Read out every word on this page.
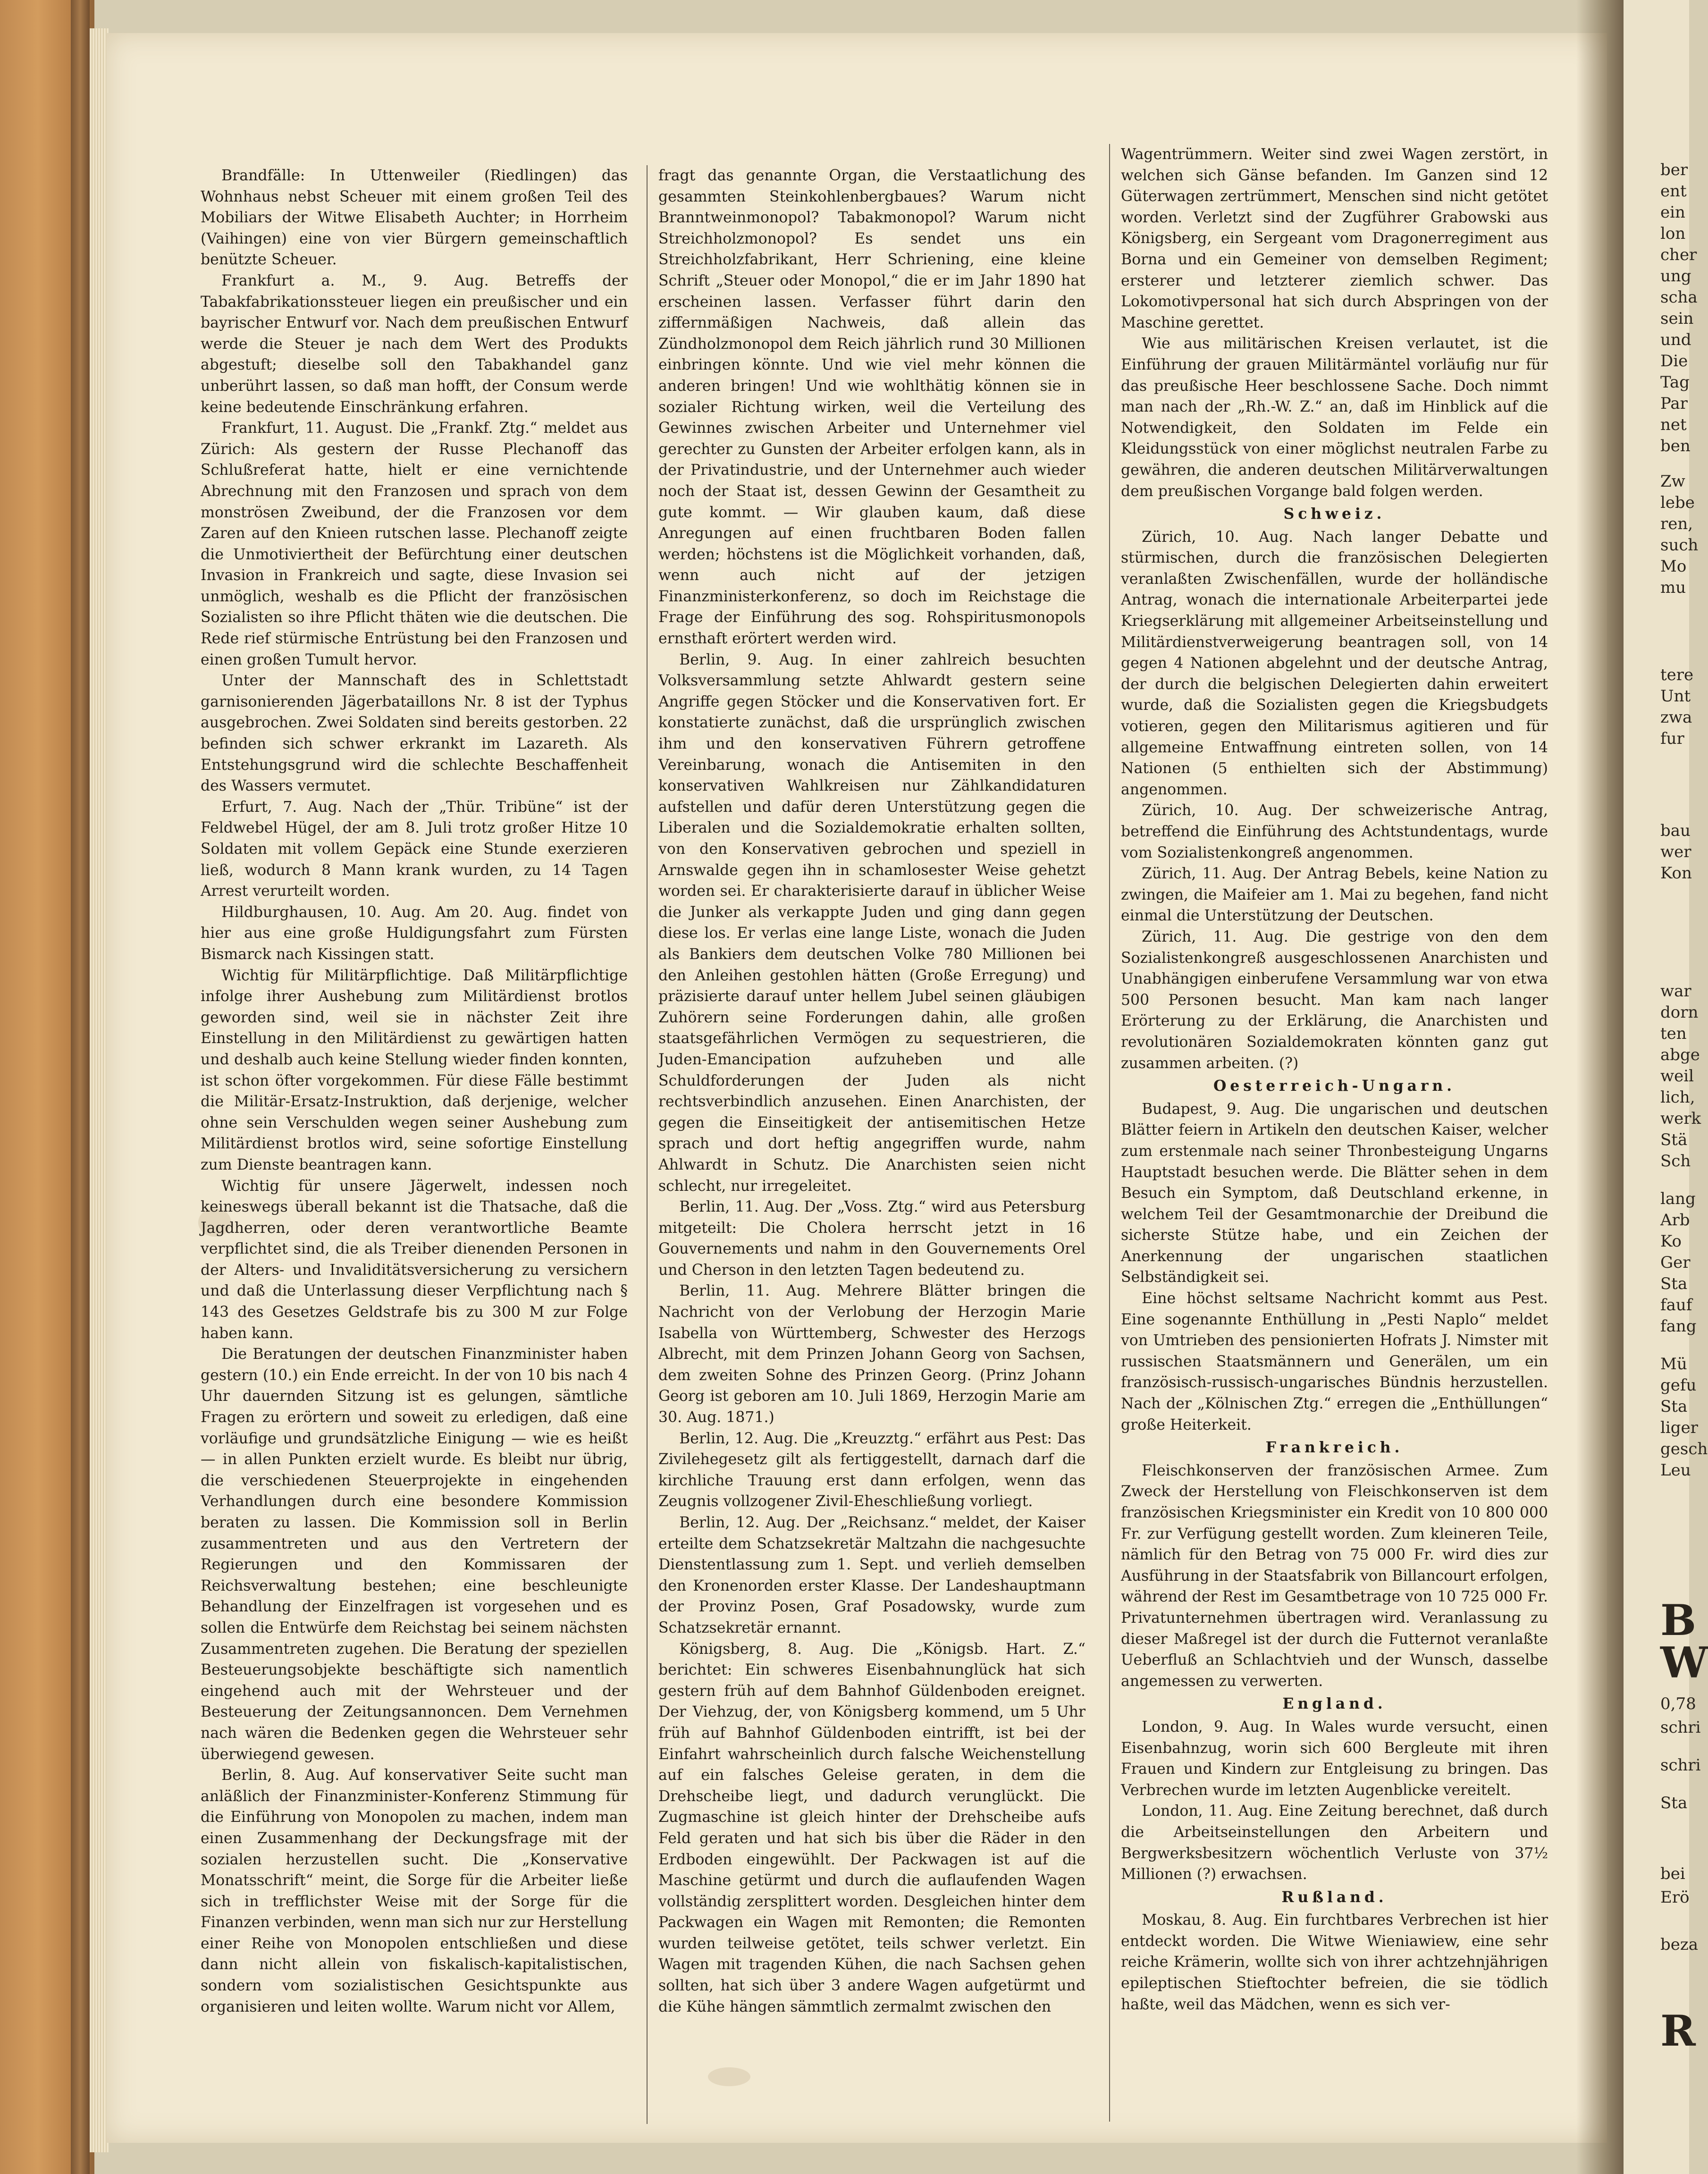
Brandfälle: In Uttenweiler (Riedlingen) das Wohnhaus nebst Scheuer mit einem großen Teil des Mobiliars der Witwe Elisabeth Auchter; in Horrheim (Vaihingen) eine von vier Bürgern gemeinschaftlich benützte Scheuer.

Frankfurt a. M., 9. Aug. Betreffs der Tabakfabrikationssteuer liegen ein preußischer und ein bayrischer Entwurf vor. Nach dem preußischen Entwurf werde die Steuer je nach dem Wert des Produkts abgestuft; dieselbe soll den Tabakhandel ganz unberührt lassen, so daß man hofft, der Consum werde keine bedeutende Einschränkung erfahren.

Frankfurt, 11. August. Die „Frankf. Ztg.“ meldet aus Zürich: Als gestern der Russe Plechanoff das Schlußreferat hatte, hielt er eine vernichtende Abrechnung mit den Franzosen und sprach von dem monströsen Zweibund, der die Franzosen vor dem Zaren auf den Knieen rutschen lasse. Plechanoff zeigte die Unmotiviertheit der Befürchtung einer deutschen Invasion in Frankreich und sagte, diese Invasion sei unmöglich, weshalb es die Pflicht der französischen Sozialisten so ihre Pflicht thäten wie die deutschen. Die Rede rief stürmische Entrüstung bei den Franzosen und einen großen Tumult hervor.

Unter der Mannschaft des in Schlettstadt garnisonierenden Jägerbataillons Nr. 8 ist der Typhus ausgebrochen. Zwei Soldaten sind bereits gestorben. 22 befinden sich schwer erkrankt im Lazareth. Als Entstehungsgrund wird die schlechte Beschaffenheit des Wassers vermutet.

Erfurt, 7. Aug. Nach der „Thür. Tribüne“ ist der Feldwebel Hügel, der am 8. Juli trotz großer Hitze 10 Soldaten mit vollem Gepäck eine Stunde exerzieren ließ, wodurch 8 Mann krank wurden, zu 14 Tagen Arrest verurteilt worden.

Hildburghausen, 10. Aug. Am 20. Aug. findet von hier aus eine große Huldigungsfahrt zum Fürsten Bismarck nach Kissingen statt.

Wichtig für Militärpflichtige. Daß Militärpflichtige infolge ihrer Aushebung zum Militärdienst brotlos geworden sind, weil sie in nächster Zeit ihre Einstellung in den Militärdienst zu gewärtigen hatten und deshalb auch keine Stellung wieder finden konnten, ist schon öfter vorgekommen. Für diese Fälle bestimmt die Militär-Ersatz-Instruktion, daß derjenige, welcher ohne sein Verschulden wegen seiner Aushebung zum Militärdienst brotlos wird, seine sofortige Einstellung zum Dienste beantragen kann.

Wichtig für unsere Jägerwelt, indessen noch keineswegs überall bekannt ist die Thatsache, daß die Jagdherren, oder deren verantwortliche Beamte verpflichtet sind, die als Treiber dienenden Personen in der Alters- und Invaliditätsversicherung zu versichern und daß die Unterlassung dieser Verpflichtung nach § 143 des Gesetzes Geldstrafe bis zu 300 M zur Folge haben kann.

Die Beratungen der deutschen Finanzminister haben gestern (10.) ein Ende erreicht. In der von 10 bis nach 4 Uhr dauernden Sitzung ist es gelungen, sämtliche Fragen zu erörtern und soweit zu erledigen, daß eine vorläufige und grundsätzliche Einigung — wie es heißt — in allen Punkten erzielt wurde. Es bleibt nur übrig, die verschiedenen Steuerprojekte in eingehenden Verhandlungen durch eine besondere Kommission beraten zu lassen. Die Kommission soll in Berlin zusammentreten und aus den Vertretern der Regierungen und den Kommissaren der Reichsverwaltung bestehen; eine beschleunigte Behandlung der Einzelfragen ist vorgesehen und es sollen die Entwürfe dem Reichstag bei seinem nächsten Zusammentreten zugehen. Die Beratung der speziellen Besteuerungsobjekte beschäftigte sich namentlich eingehend auch mit der Wehrsteuer und der Besteuerung der Zeitungsannoncen. Dem Vernehmen nach wären die Bedenken gegen die Wehrsteuer sehr überwiegend gewesen.

Berlin, 8. Aug. Auf konservativer Seite sucht man anläßlich der Finanzminister-Konferenz Stimmung für die Einführung von Monopolen zu machen, indem man einen Zusammenhang der Deckungsfrage mit der sozialen herzustellen sucht. Die „Konservative Monatsschrift“ meint, die Sorge für die Arbeiter ließe sich in trefflichster Weise mit der Sorge für die Finanzen verbinden, wenn man sich nur zur Herstellung einer Reihe von Monopolen entschließen und diese dann nicht allein von fiskalisch-kapitalistischen, sondern vom sozialistischen Gesichtspunkte aus organisieren und leiten wollte. Warum nicht vor Allem,

fragt das genannte Organ, die Verstaatlichung des gesammten Steinkohlenbergbaues? Warum nicht Branntweinmonopol? Tabakmonopol? Warum nicht Streichholzmonopol? Es sendet uns ein Streichholzfabrikant, Herr Schriening, eine kleine Schrift „Steuer oder Monopol,“ die er im Jahr 1890 hat erscheinen lassen. Verfasser führt darin den ziffernmäßigen Nachweis, daß allein das Zündholzmonopol dem Reich jährlich rund 30 Millionen einbringen könnte. Und wie viel mehr können die anderen bringen! Und wie wohlthätig können sie in sozialer Richtung wirken, weil die Verteilung des Gewinnes zwischen Arbeiter und Unternehmer viel gerechter zu Gunsten der Arbeiter erfolgen kann, als in der Privatindustrie, und der Unternehmer auch wieder noch der Staat ist, dessen Gewinn der Gesamtheit zu gute kommt. — Wir glauben kaum, daß diese Anregungen auf einen fruchtbaren Boden fallen werden; höchstens ist die Möglichkeit vorhanden, daß, wenn auch nicht auf der jetzigen Finanzministerkonferenz, so doch im Reichstage die Frage der Einführung des sog. Rohspiritusmonopols ernsthaft erörtert werden wird.

Berlin, 9. Aug. In einer zahlreich besuchten Volksversammlung setzte Ahlwardt gestern seine Angriffe gegen Stöcker und die Konservativen fort. Er konstatierte zunächst, daß die ursprünglich zwischen ihm und den konservativen Führern getroffene Vereinbarung, wonach die Antisemiten in den konservativen Wahlkreisen nur Zählkandidaturen aufstellen und dafür deren Unterstützung gegen die Liberalen und die Sozialdemokratie erhalten sollten, von den Konservativen gebrochen und speziell in Arnswalde gegen ihn in schamlosester Weise gehetzt worden sei. Er charakterisierte darauf in üblicher Weise die Junker als verkappte Juden und ging dann gegen diese los. Er verlas eine lange Liste, wonach die Juden als Bankiers dem deutschen Volke 780 Millionen bei den Anleihen gestohlen hätten (Große Erregung) und präzisierte darauf unter hellem Jubel seinen gläubigen Zuhörern seine Forderungen dahin, alle großen staatsgefährlichen Vermögen zu sequestrieren, die Juden-Emancipation aufzuheben und alle Schuldforderungen der Juden als nicht rechtsverbindlich anzusehen. Einen Anarchisten, der gegen die Einseitigkeit der antisemitischen Hetze sprach und dort heftig angegriffen wurde, nahm Ahlwardt in Schutz. Die Anarchisten seien nicht schlecht, nur irregeleitet.

Berlin, 11. Aug. Der „Voss. Ztg.“ wird aus Petersburg mitgeteilt: Die Cholera herrscht jetzt in 16 Gouvernements und nahm in den Gouvernements Orel und Cherson in den letzten Tagen bedeutend zu.

Berlin, 11. Aug. Mehrere Blätter bringen die Nachricht von der Verlobung der Herzogin Marie Isabella von Württemberg, Schwester des Herzogs Albrecht, mit dem Prinzen Johann Georg von Sachsen, dem zweiten Sohne des Prinzen Georg. (Prinz Johann Georg ist geboren am 10. Juli 1869, Herzogin Marie am 30. Aug. 1871.)

Berlin, 12. Aug. Die „Kreuzztg.“ erfährt aus Pest: Das Zivilehegesetz gilt als fertiggestellt, darnach darf die kirchliche Trauung erst dann erfolgen, wenn das Zeugnis vollzogener Zivil-Eheschließung vorliegt.

Berlin, 12. Aug. Der „Reichsanz.“ meldet, der Kaiser erteilte dem Schatzsekretär Maltzahn die nachgesuchte Dienstentlassung zum 1. Sept. und verlieh demselben den Kronenorden erster Klasse. Der Landeshauptmann der Provinz Posen, Graf Posadowsky, wurde zum Schatzsekretär ernannt.

Königsberg, 8. Aug. Die „Königsb. Hart. Z.“ berichtet: Ein schweres Eisenbahnunglück hat sich gestern früh auf dem Bahnhof Güldenboden ereignet. Der Viehzug, der, von Königsberg kommend, um 5 Uhr früh auf Bahnhof Güldenboden eintrifft, ist bei der Einfahrt wahrscheinlich durch falsche Weichenstellung auf ein falsches Geleise geraten, in dem die Drehscheibe liegt, und dadurch verunglückt. Die Zugmaschine ist gleich hinter der Drehscheibe aufs Feld geraten und hat sich bis über die Räder in den Erdboden eingewühlt. Der Packwagen ist auf die Maschine getürmt und durch die auflaufenden Wagen vollständig zersplittert worden. Desgleichen hinter dem Packwagen ein Wagen mit Remonten; die Remonten wurden teilweise getötet, teils schwer verletzt. Ein Wagen mit tragenden Kühen, die nach Sachsen gehen sollten, hat sich über 3 andere Wagen aufgetürmt und die Kühe hängen sämmtlich zermalmt zwischen den

Wagentrümmern. Weiter sind zwei Wagen zerstört, in welchen sich Gänse befanden. Im Ganzen sind 12 Güterwagen zertrümmert, Menschen sind nicht getötet worden. Verletzt sind der Zugführer Grabowski aus Königsberg, ein Sergeant vom Dragonerregiment aus Borna und ein Gemeiner von demselben Regiment; ersterer und letzterer ziemlich schwer. Das Lokomotivpersonal hat sich durch Abspringen von der Maschine gerettet.

Wie aus militärischen Kreisen verlautet, ist die Einführung der grauen Militärmäntel vorläufig nur für das preußische Heer beschlossene Sache. Doch nimmt man nach der „Rh.-W. Z.“ an, daß im Hinblick auf die Notwendigkeit, den Soldaten im Felde ein Kleidungsstück von einer möglichst neutralen Farbe zu gewähren, die anderen deutschen Militärverwaltungen dem preußischen Vorgange bald folgen werden.

Schweiz.

Zürich, 10. Aug. Nach langer Debatte und stürmischen, durch die französischen Delegierten veranlaßten Zwischenfällen, wurde der holländische Antrag, wonach die internationale Arbeiterpartei jede Kriegserklärung mit allgemeiner Arbeitseinstellung und Militärdienstverweigerung beantragen soll, von 14 gegen 4 Nationen abgelehnt und der deutsche Antrag, der durch die belgischen Delegierten dahin erweitert wurde, daß die Sozialisten gegen die Kriegsbudgets votieren, gegen den Militarismus agitieren und für allgemeine Entwaffnung eintreten sollen, von 14 Nationen (5 enthielten sich der Abstimmung) angenommen.

Zürich, 10. Aug. Der schweizerische Antrag, betreffend die Einführung des Achtstundentags, wurde vom Sozialistenkongreß angenommen.

Zürich, 11. Aug. Der Antrag Bebels, keine Nation zu zwingen, die Maifeier am 1. Mai zu begehen, fand nicht einmal die Unterstützung der Deutschen.

Zürich, 11. Aug. Die gestrige von den dem Sozialistenkongreß ausgeschlossenen Anarchisten und Unabhängigen einberufene Versammlung war von etwa 500 Personen besucht. Man kam nach langer Erörterung zu der Erklärung, die Anarchisten und revolutionären Sozialdemokraten könnten ganz gut zusammen arbeiten. (?)

Oesterreich-Ungarn.

Budapest, 9. Aug. Die ungarischen und deutschen Blätter feiern in Artikeln den deutschen Kaiser, welcher zum erstenmale nach seiner Thronbesteigung Ungarns Hauptstadt besuchen werde. Die Blätter sehen in dem Besuch ein Symptom, daß Deutschland erkenne, in welchem Teil der Gesamtmonarchie der Dreibund die sicherste Stütze habe, und ein Zeichen der Anerkennung der ungarischen staatlichen Selbständigkeit sei.

Eine höchst seltsame Nachricht kommt aus Pest. Eine sogenannte Enthüllung in „Pesti Naplo“ meldet von Umtrieben des pensionierten Hofrats J. Nimster mit russischen Staatsmännern und Generälen, um ein französisch-russisch-ungarisches Bündnis herzustellen. Nach der „Kölnischen Ztg.“ erregen die „Enthüllungen“ große Heiterkeit.

Frankreich.

Fleischkonserven der französischen Armee. Zum Zweck der Herstellung von Fleischkonserven ist dem französischen Kriegsminister ein Kredit von 10 800 000 Fr. zur Verfügung gestellt worden. Zum kleineren Teile, nämlich für den Betrag von 75 000 Fr. wird dies zur Ausführung in der Staatsfabrik von Billancourt erfolgen, während der Rest im Gesamtbetrage von 10 725 000 Fr. Privatunternehmen übertragen wird. Veranlassung zu dieser Maßregel ist der durch die Futternot veranlaßte Ueberfluß an Schlachtvieh und der Wunsch, dasselbe angemessen zu verwerten.

England.

London, 9. Aug. In Wales wurde versucht, einen Eisenbahnzug, worin sich 600 Bergleute mit ihren Frauen und Kindern zur Entgleisung zu bringen. Das Verbrechen wurde im letzten Augenblicke vereitelt.

London, 11. Aug. Eine Zeitung berechnet, daß durch die Arbeitseinstellungen den Arbeitern und Bergwerksbesitzern wöchentlich Verluste von 37½ Millionen (?) erwachsen.

Rußland.

Moskau, 8. Aug. Ein furchtbares Verbrechen ist hier entdeckt worden. Die Witwe Wieniawiew, eine sehr reiche Krämerin, wollte sich von ihrer achtzehnjährigen epileptischen Stieftochter befreien, die sie tödlich haßte, weil das Mädchen, wenn es sich ver-

ber
ent
ein
lon
cher
ung
scha
sein
und
Die
Tag
Par
net
ben
Zw
lebe
ren,
such
Mo
mu
tere
Unt
zwa
fur
bau
wer
Kon
war
dorn
ten
abge
weil
lich,
werk
Stä
Sch
lang
Arb
Ko
Ger
Sta
fauf
fang
Mü
gefu
Sta
liger
gesch
Leu
B
W
0,78
schri
schri
Sta
bei
Erö
beza
R
